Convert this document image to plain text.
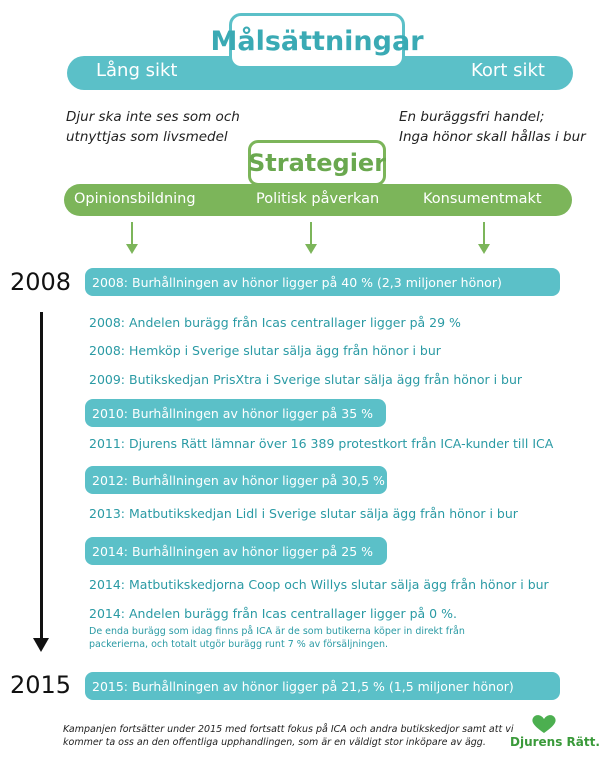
Lång sikt	Kort sikt
Målsättningar
Djur ska inte ses som och
utnyttjas som livsmedel
En buräggsfri handel;
Inga hönor skall hållas i bur
Strategier
Opinionsbildning	Politisk påverkan	Konsumentmakt
2008
2015
2008: Burhållningen av hönor ligger på 40 % (2,3 miljoner hönor)
2008: Andelen burägg från Icas centrallager ligger på 29 %
2008: Hemköp i Sverige slutar sälja ägg från hönor i bur
2009: Butikskedjan PrisXtra i Sverige slutar sälja ägg från hönor i bur
2010: Burhållningen av hönor ligger på 35 %
2011: Djurens Rätt lämnar över 16 389 protestkort från ICA-kunder till ICA
2012: Burhållningen av hönor ligger på 30,5 %
2013: Matbutikskedjan Lidl i Sverige slutar sälja ägg från hönor i bur
2014: Burhållningen av hönor ligger på 25 %
2014: Matbutikskedjorna Coop och Willys slutar sälja ägg från hönor i bur
2014: Andelen burägg från Icas centrallager ligger på 0 %.
De enda burägg som idag finns på ICA är de som butikerna köper in direkt från
packerierna, och totalt utgör burägg runt 7 % av försäljningen.
2015: Burhållningen av hönor ligger på 21,5 % (1,5 miljoner hönor)
Kampanjen fortsätter under 2015 med fortsatt fokus på ICA och andra butikskedjor samt att vi
kommer ta oss an den offentliga upphandlingen, som är en väldigt stor inköpare av ägg.	Djurens Rätt.
